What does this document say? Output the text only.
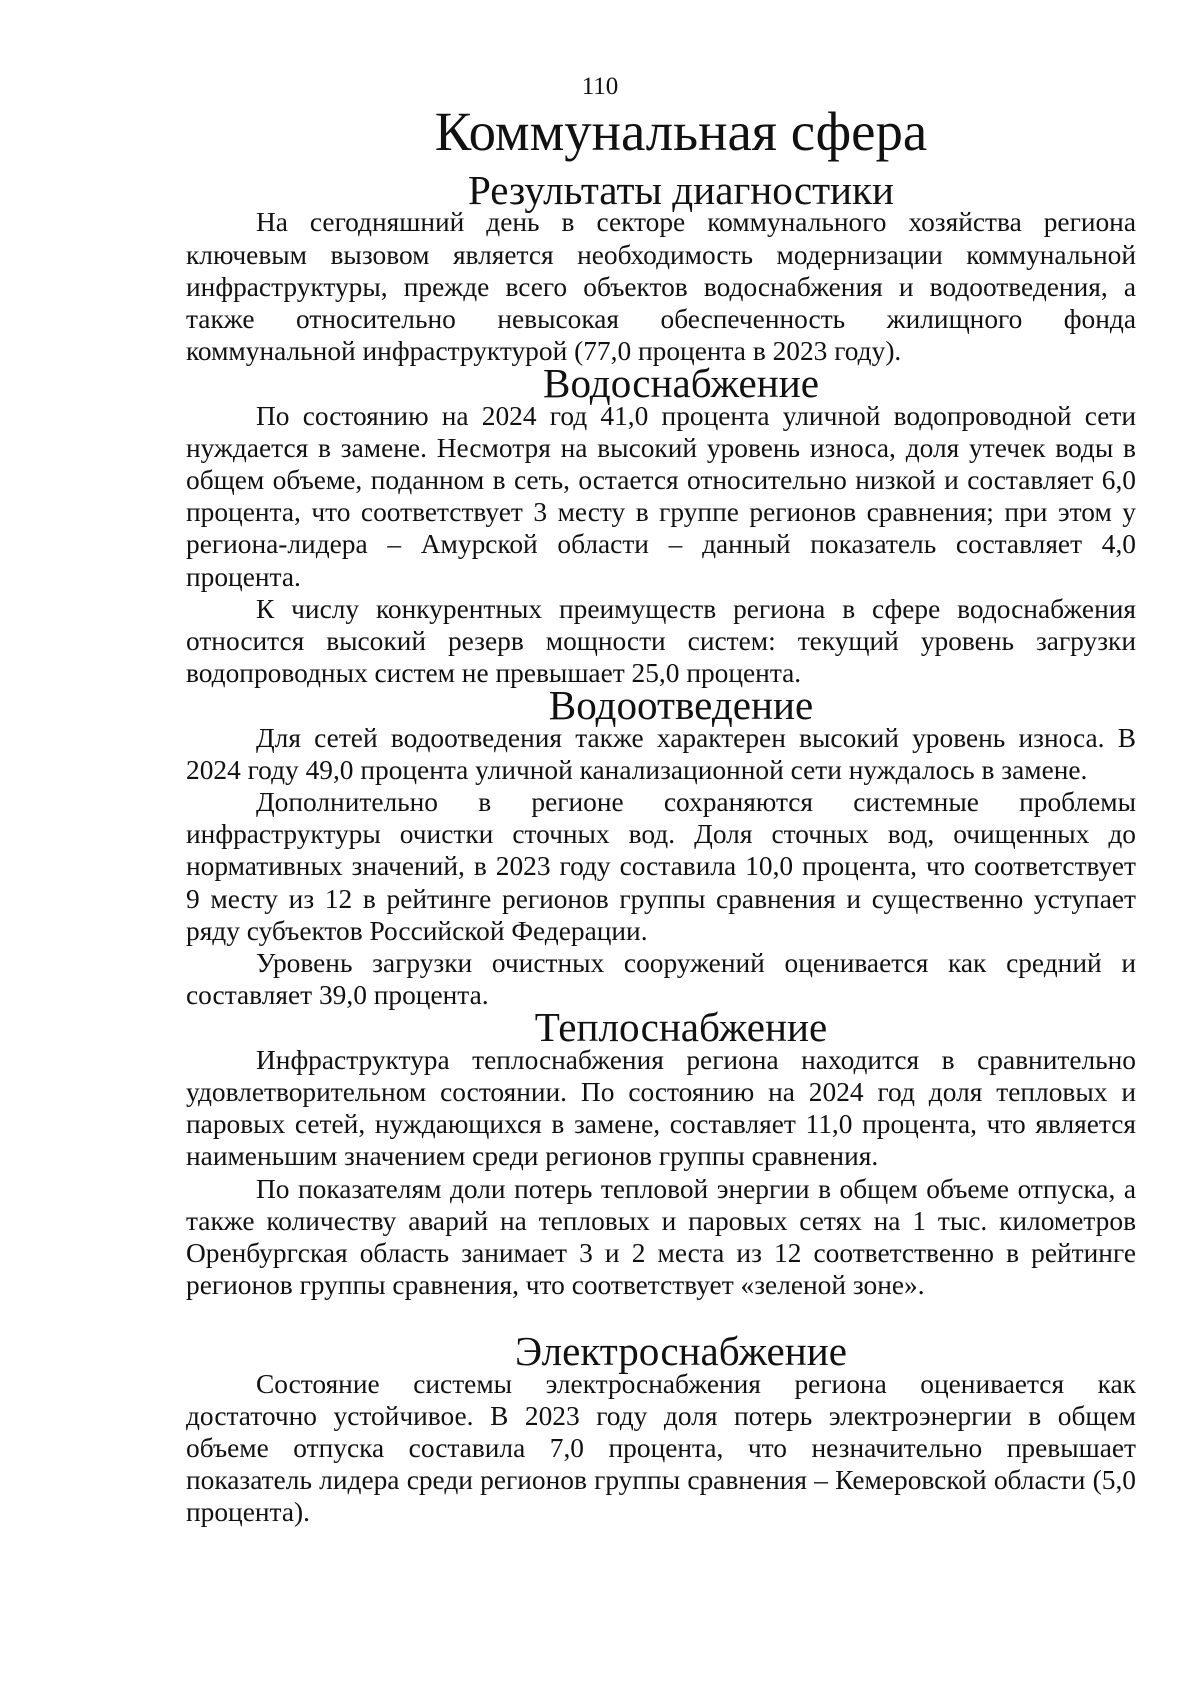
110
Коммунальная сфера
Результаты диагностики

На сегодняшний день в секторе коммунального хозяйства региона ключевым вызовом является необходимость модернизации коммунальной инфраструктуры, прежде всего объектов водоснабжения и водоотведения, а также относительно невысокая обеспеченность жилищного фонда коммунальной инфраструктурой (77,0 процента в 2023 году).

Водоснабжение

По состоянию на 2024 год 41,0 процента уличной водопроводной сети нуждается в замене. Несмотря на высокий уровень износа, доля утечек воды в общем объеме, поданном в сеть, остается относительно низкой и составляет 6,0 процента, что соответствует 3 месту в группе регионов сравнения; при этом у региона-лидера – Амурской области – данный показатель составляет 4,0 процента.

К числу конкурентных преимуществ региона в сфере водоснабжения относится высокий резерв мощности систем: текущий уровень загрузки водопроводных систем не превышает 25,0 процента.

Водоотведение

Для сетей водоотведения также характерен высокий уровень износа. В 2024 году 49,0 процента уличной канализационной сети нуждалось в замене.

Дополнительно в регионе сохраняются системные проблемы инфраструктуры очистки сточных вод. Доля сточных вод, очищенных до нормативных значений, в 2023 году составила 10,0 процента, что соответствует 9 месту из 12 в рейтинге регионов группы сравнения и существенно уступает ряду субъектов Российской Федерации.

Уровень загрузки очистных сооружений оценивается как средний и составляет 39,0 процента.

Теплоснабжение

Инфраструктура теплоснабжения региона находится в сравнительно удовлетворительном состоянии. По состоянию на 2024 год доля тепловых и паровых сетей, нуждающихся в замене, составляет 11,0 процента, что является наименьшим значением среди регионов группы сравнения.

По показателям доли потерь тепловой энергии в общем объеме отпуска, а также количеству аварий на тепловых и паровых сетях на 1 тыс. километров Оренбургская область занимает 3 и 2 места из 12 соответственно в рейтинге регионов группы сравнения, что соответствует «зеленой зоне».

Электроснабжение

Состояние системы электроснабжения региона оценивается как достаточно устойчивое. В 2023 году доля потерь электроэнергии в общем объеме отпуска составила 7,0 процента, что незначительно превышает показатель лидера среди регионов группы сравнения – Кемеровской области (5,0 процента).
